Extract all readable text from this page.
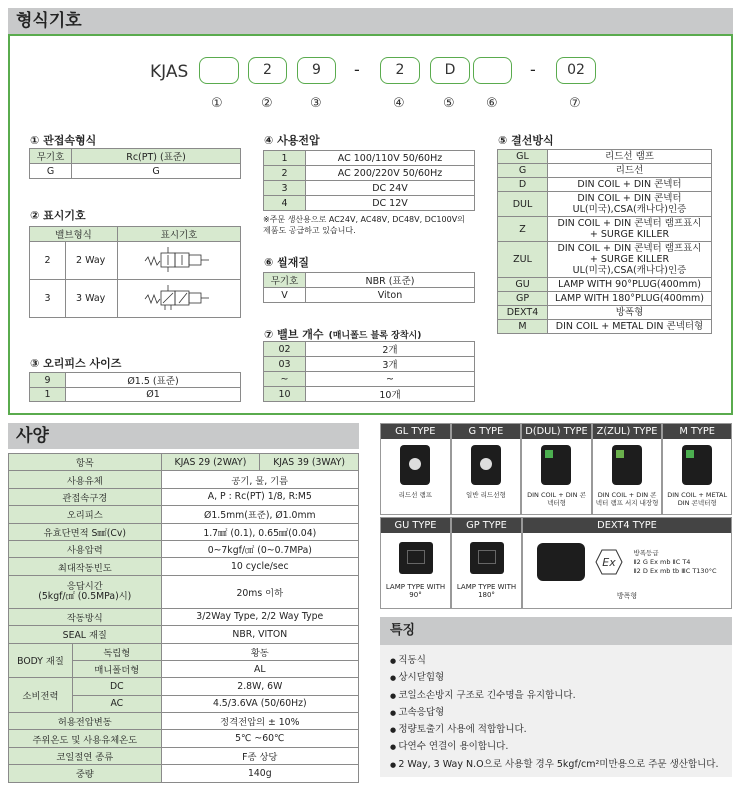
형식기호
KJAS	2	9	-	2	D	-	02
①	②	③	④	⑤ ⑥	⑦
① 관접속형식
무기호	Rc(PT) (표준)
G	G
② 표시기호
밸브형식		표시기호
2	2 Way	
3	3 Way	
③ 오리피스 사이즈
9	Ø1.5 (표준)
1	Ø1
④ 사용전압
1	AC 100/110V 50/60Hz
2	AC 200/220V 50/60Hz
3	DC 24V
4	DC 12V
※주문 생산용으로 AC24V, AC48V, DC48V, DC100V의
제품도 공급하고 있습니다.
⑥ 씰재질
무기호	NBR (표준)
V	Viton
⑦ 밸브 개수 (매니폴드 블록 장착시)
02	2개
03	3개
~	~
10	10개
⑤ 결선방식
GL	리드선 램프

G	리드선

D	DIN COIL + DIN 콘넥터

DUL	DIN COIL + DIN 콘넥터
UL(미국),CSA(캐나다)인증

Z	DIN COIL + DIN 콘넥터 램프표시
+ SURGE KILLER

ZUL	DIN COIL + DIN 콘넥터 램프표시
+ SURGE KILLER
UL(미국),CSA(캐나다)인증

GU	LAMP WITH 90°PLUG(400mm)

GP	LAMP WITH 180°PLUG(400mm)

DEXT4	방폭형

M	DIN COIL + METAL DIN 콘넥터형
사양
항목		KJAS 29 (2WAY)	KJAS 39 (3WAY)
사용유체		공기, 물, 기름	
관접속구경		A, P : Rc(PT) 1/8, R:M5	
오리피스		Ø1.5mm(표준), Ø1.0mm	
유효단면적 S㎟(Cv)		1.7㎟ (0.1), 0.65㎟(0.04)	
사용압력		0~7kgf/㎠ (0~0.7MPa)	
최대작동빈도		10 cycle/sec	

응답시간
(5kgf/㎠ (0.5MPa)시)		20ms 이하	
작동방식		3/2Way Type, 2/2 Way Type	
SEAL 재질		NBR, VITON	
BODY 재질	독립형	황동	
	매니폴더형	AL	
소비전력	DC	2.8W, 6W	
	AC	4.5/3.6VA (50/60Hz)	
허용전압변동		정격전압의 ± 10%	
주위온도 및 사용유체온도		5℃ ~60℃	
코일절연 종류		F종 상당	
중량		140g	
GL TYPE
리드선 램프
G TYPE
일반 리드선형
D(DUL) TYPE
DIN COIL + DIN 콘넥터형
Z(ZUL) TYPE
DIN COIL + DIN 콘넥터 램프 서지 내장형
M TYPE
DIN COIL + METAL DIN 콘넥터형
GU TYPE
LAMP TYPE WITH 90°
GP TYPE
LAMP TYPE WITH 180°
DEXT4 TYPE
Ex
방폭등급
Ⅱ2 G Ex mb ⅡC T4
Ⅱ2 D Ex mb tb ⅢC T130°C
방폭형
특징
● 직동식
● 상시닫힘형
● 코일소손방지 구조로 긴수명을 유지합니다.
● 고속응답형
● 정량토출기 사용에 적합합니다.
● 다연수 연결이 용이합니다.
● 2 Way, 3 Way N.O으로 사용할 경우 5kgf/cm²미만용으로 주문 생산합니다.
